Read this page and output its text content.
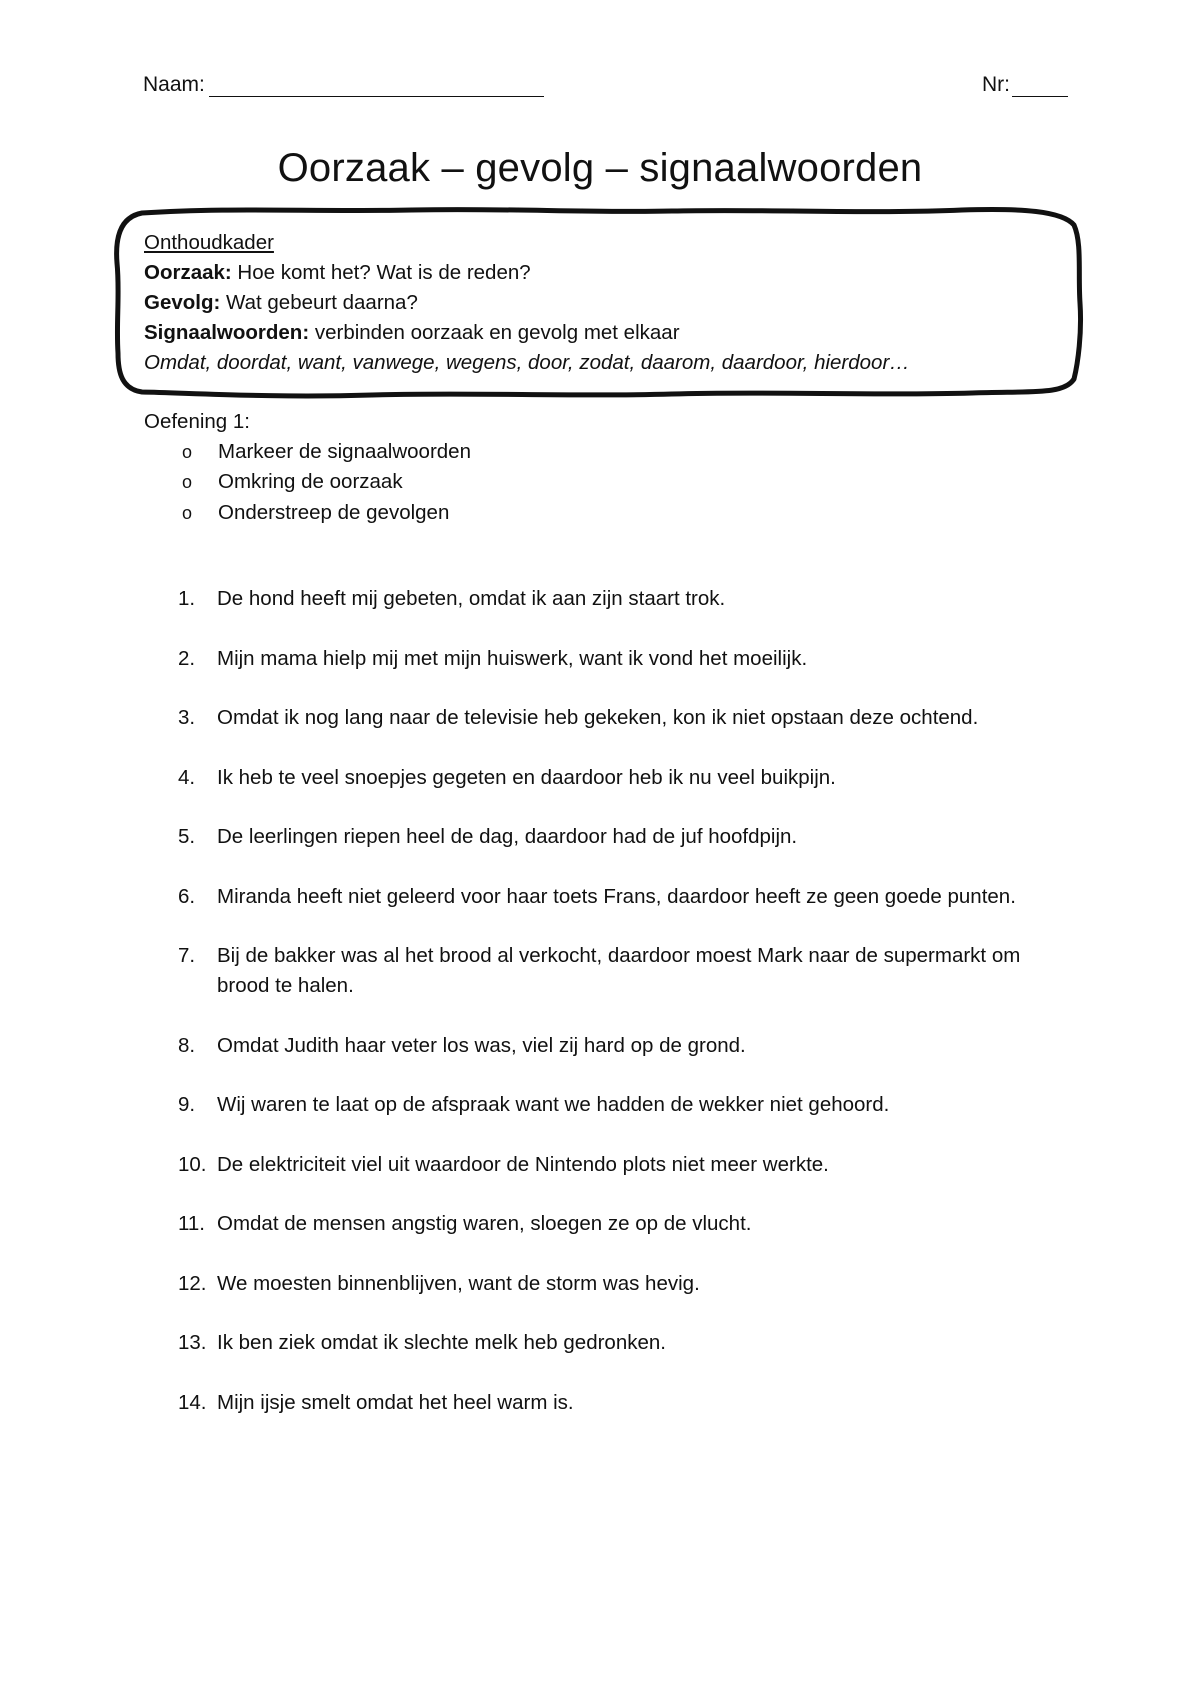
Naam:	Nr:
Oorzaak – gevolg – signaalwoorden
Onthoudkader
Oorzaak: Hoe komt het? Wat is de reden?
Gevolg: Wat gebeurt daarna?
Signaalwoorden: verbinden oorzaak en gevolg met elkaar
Omdat, doordat, want, vanwege, wegens, door, zodat, daarom, daardoor, hierdoor…
Oefening 1:
o	Markeer de signaalwoorden
o	Omkring de oorzaak
o	Onderstreep de gevolgen
1.	De hond heeft mij gebeten, omdat ik aan zijn staart trok.
2.	Mijn mama hielp mij met mijn huiswerk, want ik vond het moeilijk.
3.	Omdat ik nog lang naar de televisie heb gekeken, kon ik niet opstaan deze ochtend.
4.	Ik heb te veel snoepjes gegeten en daardoor heb ik nu veel buikpijn.
5.	De leerlingen riepen heel de dag, daardoor had de juf hoofdpijn.
6.	Miranda heeft niet geleerd voor haar toets Frans, daardoor heeft ze geen goede punten.
7.	Bij de bakker was al het brood al verkocht, daardoor moest Mark naar de supermarkt om brood te halen.
8.	Omdat Judith haar veter los was, viel zij hard op de grond.
9.	Wij waren te laat op de afspraak want we hadden de wekker niet gehoord.
10. De elektriciteit viel uit waardoor de Nintendo plots niet meer werkte.
11. Omdat de mensen angstig waren, sloegen ze op de vlucht.
12. We moesten binnenblijven, want de storm was hevig.
13. Ik ben ziek omdat ik slechte melk heb gedronken.
14. Mijn ijsje smelt omdat het heel warm is.
